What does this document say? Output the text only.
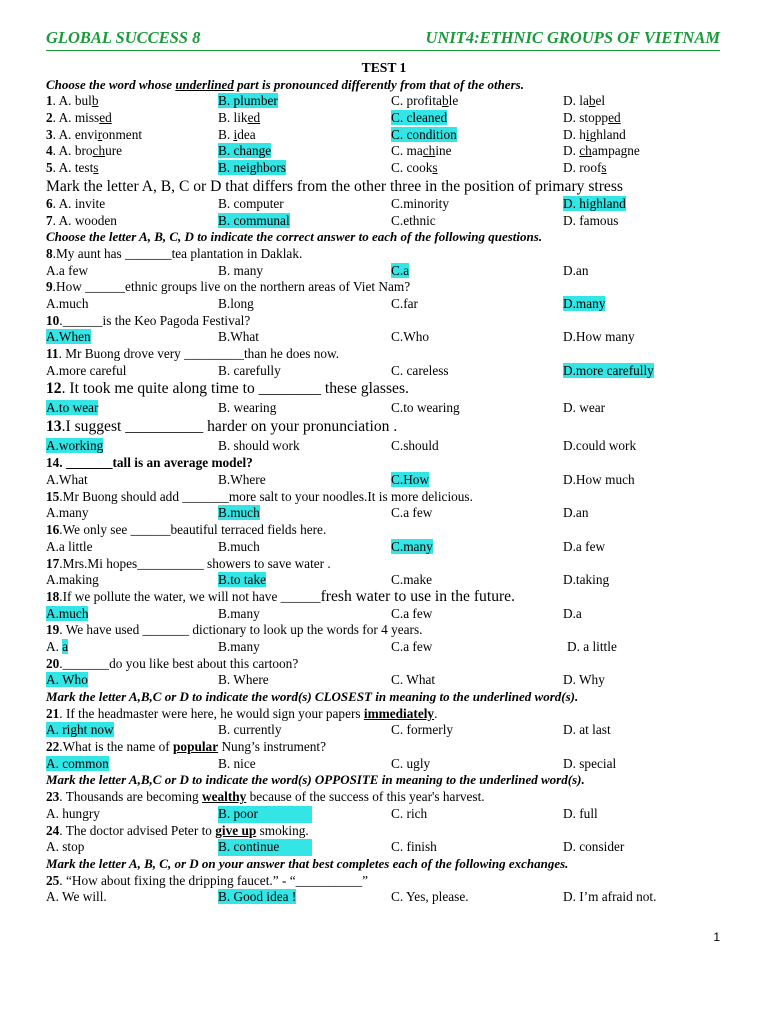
GLOBAL SUCCESS 8	UNIT4:ETHNIC GROUPS OF VIETNAM
TEST 1
Choose the word whose underlined part is pronounced differently from that of the others.
1. A. bulb	B. plumber	C. profitable	D. label
2. A. missed	B. liked	C. cleaned	D. stopped
3. A. environment	B. idea	C. condition	D. highland
4. A. brochure	B. change	C. machine	D. champagne
5. A. tests	B. neighbors	C. cooks	D. roofs
Mark the letter A, B, C or D that differs from the other three in the position of primary stress
6. A. invite	B. computer	C.minority	D. highland
7. A. wooden	B. communal	C.ethnic	D. famous
Choose the letter A, B, C, D to indicate the correct answer to each of the following questions.
8.My aunt has _______tea plantation in Daklak.
A.a few	B. many	C.a	D.an
9.How ______ethnic groups live on the northern areas of Viet Nam?
A.much	B.long	C.far	D.many
10.______is the Keo Pagoda Festival?
A.When	B.What	C.Who	D.How many
11. Mr Buong drove very _________than he does now.
A.more careful	B. carefully	C. careless	D.more carefully
12. It took me quite along time to ________ these glasses.
A.to wear	B. wearing	C.to wearing	D. wear
13.I suggest __________ harder on your pronunciation .
A.working	B. should work	C.should	D.could work
14. _______tall is an average model?
A.What	B.Where	C.How	D.How much
15.Mr Buong should add _______more salt to your noodles.It is more delicious.
A.many	B.much	C.a few	D.an
16.We only see ______beautiful terraced fields here.
A.a little	B.much	C.many	D.a few
17.Mrs.Mi hopes__________ showers to save water .
A.making	B.to take	C.make	D.taking
18.If we pollute the water, we will not have ______fresh water to use in the future.
A.much	B.many	C.a few	D.a
19. We have used _______ dictionary to look up the words for 4 years.
A. a	B.many	C.a few	D. a little
20._______do you like best about this cartoon?
A. Who	B. Where	C. What	D. Why
Mark the letter A,B,C or D to indicate the word(s) CLOSEST in meaning to the underlined word(s).
21. If the headmaster were here, he would sign your papers immediately.
A. right now	B. currently	C. formerly	D. at last
22.What is the name of popular Nung’s instrument?
A. common	B. nice	C. ugly	D. special
Mark the letter A,B,C or D to indicate the word(s) OPPOSITE in meaning to the underlined word(s).
23. Thousands are becoming wealthy because of the success of this year's harvest.
A. hungry	B. poor	C. rich	D. full
24. The doctor advised Peter to give up smoking.
A. stop	B. continue	C. finish	D. consider
Mark the letter A, B, C, or D on your answer that best completes each of the following exchanges.
25. “How about fixing the dripping faucet.” - “__________”
A. We will.	B. Good idea !	C. Yes, please.	D. I’m afraid not.
1
